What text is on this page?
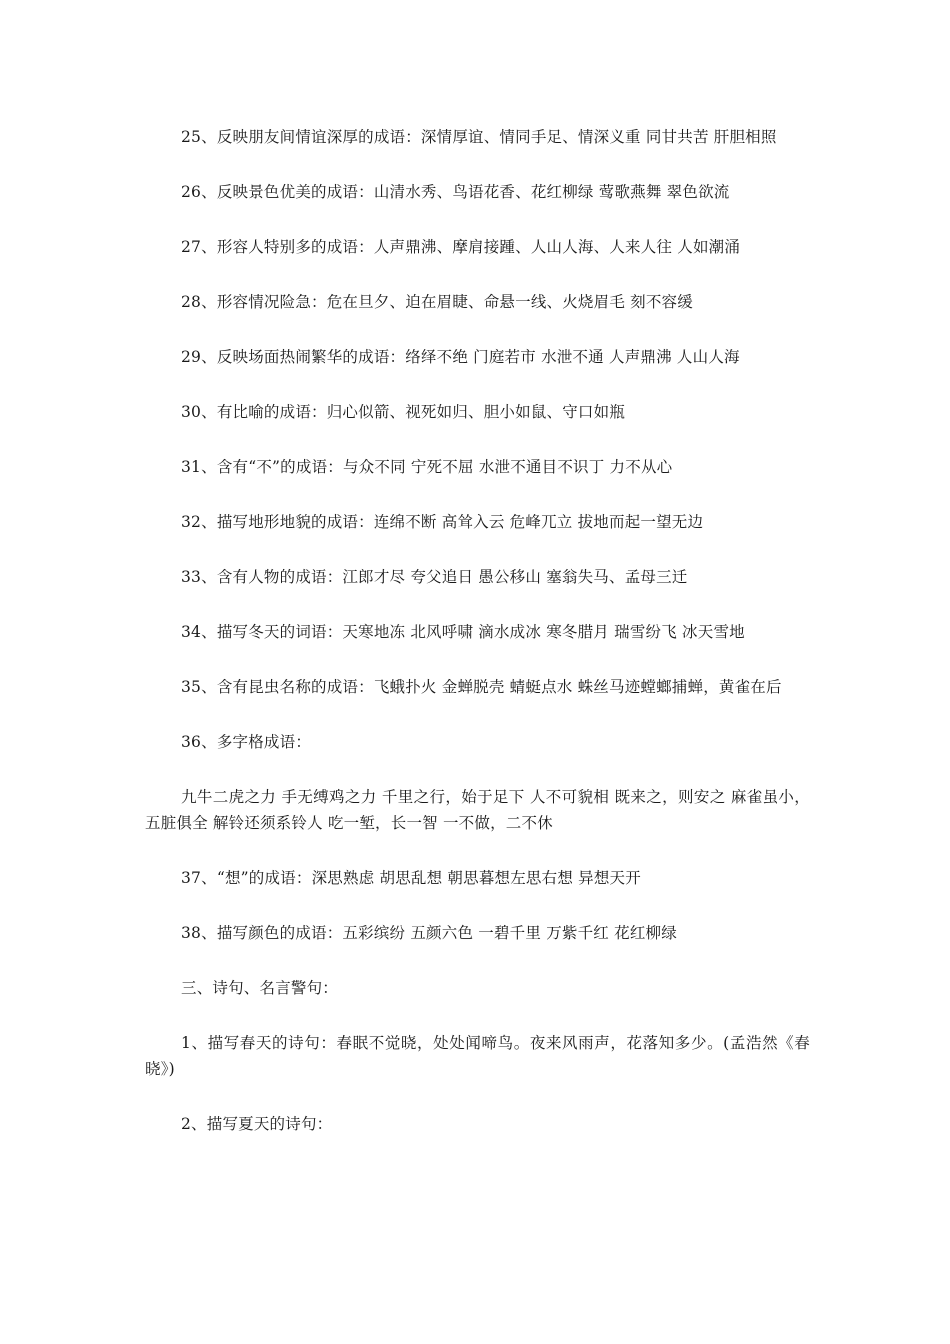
25、反映朋友间情谊深厚的成语：深情厚谊、情同手足、情深义重 同甘共苦 肝胆相照

26、反映景色优美的成语：山清水秀、鸟语花香、花红柳绿 莺歌燕舞 翠色欲流

27、形容人特别多的成语：人声鼎沸、摩肩接踵、人山人海、人来人往 人如潮涌

28、形容情况险急：危在旦夕、迫在眉睫、命悬一线、火烧眉毛 刻不容缓

29、反映场面热闹繁华的成语：络绎不绝 门庭若市 水泄不通 人声鼎沸 人山人海

30、有比喻的成语：归心似箭、视死如归、胆小如鼠、守口如瓶

31、含有“不”的成语：与众不同 宁死不屈 水泄不通目不识丁 力不从心

32、描写地形地貌的成语：连绵不断 高耸入云 危峰兀立 拔地而起一望无边

33、含有人物的成语：江郎才尽 夸父追日 愚公移山 塞翁失马、孟母三迁

34、描写冬天的词语：天寒地冻 北风呼啸 滴水成冰 寒冬腊月 瑞雪纷飞 冰天雪地

35、含有昆虫名称的成语：飞蛾扑火 金蝉脱壳 蜻蜓点水 蛛丝马迹螳螂捕蝉，黄雀在后

36、多字格成语：

九牛二虎之力 手无缚鸡之力 千里之行，始于足下 人不可貌相 既来之，则安之 麻雀虽小，五脏俱全 解铃还须系铃人 吃一堑，长一智 一不做，二不休

37、“想”的成语：深思熟虑 胡思乱想 朝思暮想左思右想 异想天开

38、描写颜色的成语：五彩缤纷 五颜六色 一碧千里 万紫千红 花红柳绿

三、诗句、名言警句：

1、描写春天的诗句：春眠不觉晓，处处闻啼鸟。夜来风雨声，花落知多少。(孟浩然《春晓》)

2、描写夏天的诗句：
